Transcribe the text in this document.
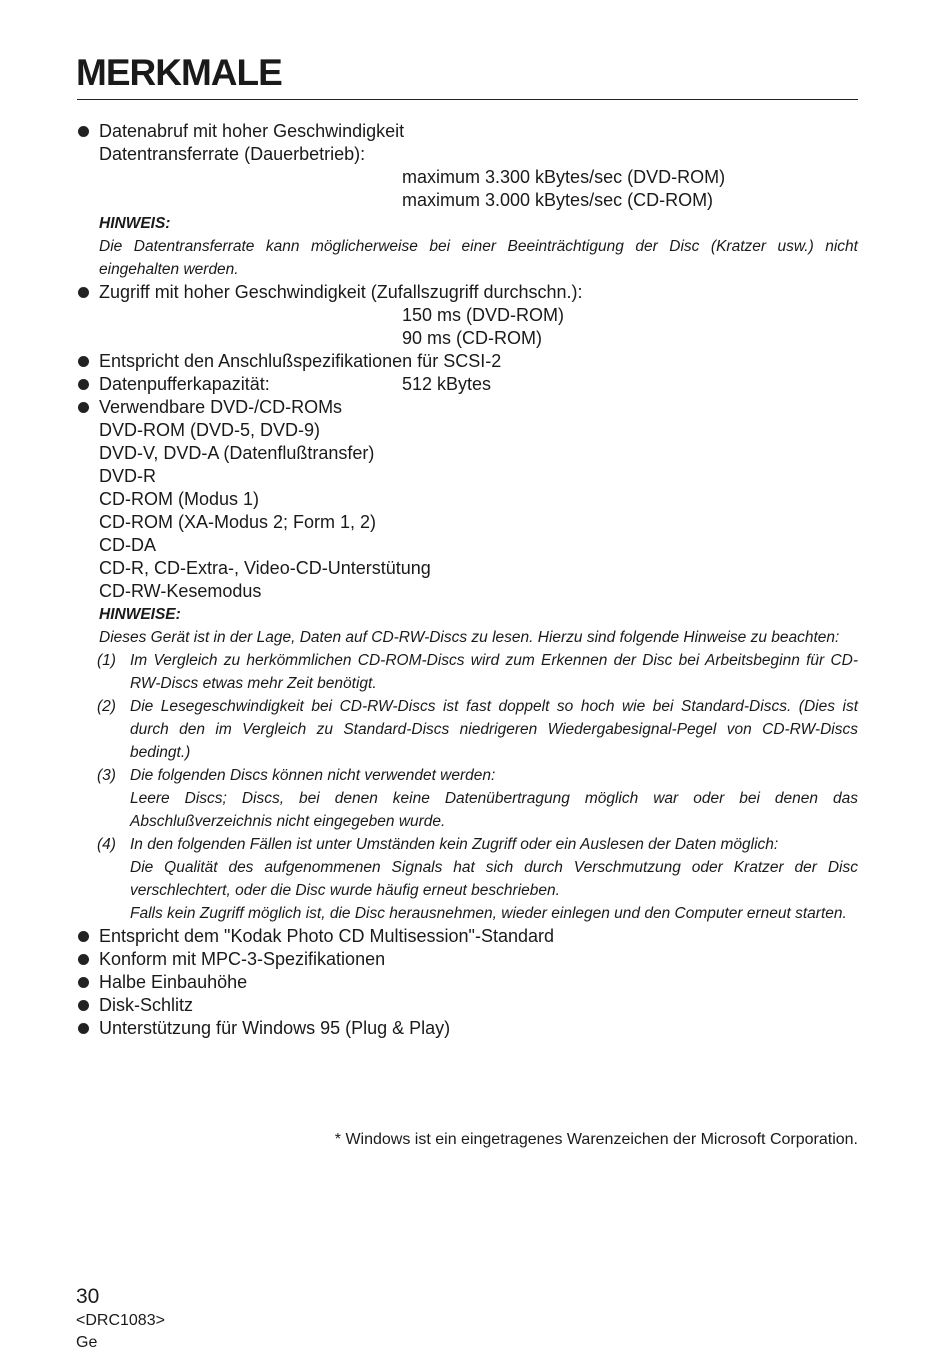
MERKMALE
Datenabruf mit hoher Geschwindigkeit
Datentransferrate (Dauerbetrieb):
maximum 3.300 kBytes/sec (DVD-ROM)
maximum 3.000 kBytes/sec (CD-ROM)
HINWEIS:
Die Datentransferrate kann möglicherweise bei einer Beeinträchtigung der Disc (Kratzer usw.) nicht eingehalten werden.
Zugriff mit hoher Geschwindigkeit (Zufallszugriff durchschn.):
150 ms (DVD-ROM)
90 ms (CD-ROM)
Entspricht den Anschlußspezifikationen für SCSI-2
Datenpufferkapazität:	512 kBytes
Verwendbare DVD-/CD-ROMs
DVD-ROM (DVD-5, DVD-9)
DVD-V, DVD-A (Datenflußtransfer)
DVD-R
CD-ROM (Modus 1)
CD-ROM (XA-Modus 2; Form 1, 2)
CD-DA
CD-R, CD-Extra-, Video-CD-Unterstütung
CD-RW-Kesemodus
HINWEISE:
Dieses Gerät ist in der Lage, Daten auf CD-RW-Discs zu lesen. Hierzu sind folgende Hinweise zu beachten:
(1) Im Vergleich zu herkömmlichen CD-ROM-Discs wird zum Erkennen der Disc bei Arbeitsbeginn für CD-RW-Discs etwas mehr Zeit benötigt.
(2) Die Lesegeschwindigkeit bei CD-RW-Discs ist fast doppelt so hoch wie bei Standard-Discs. (Dies ist durch den im Vergleich zu Standard-Discs niedrigeren Wiedergabesignal-Pegel von CD-RW-Discs bedingt.)
(3) Die folgenden Discs können nicht verwendet werden:
Leere Discs; Discs, bei denen keine Datenübertragung möglich war oder bei denen das Abschlußverzeichnis nicht eingegeben wurde.
(4) In den folgenden Fällen ist unter Umständen kein Zugriff oder ein Auslesen der Daten möglich:
Die Qualität des aufgenommenen Signals hat sich durch Verschmutzung oder Kratzer der Disc verschlechtert, oder die Disc wurde häufig erneut beschrieben.
Falls kein Zugriff möglich ist, die Disc herausnehmen, wieder einlegen und den Computer erneut starten.
Entspricht dem "Kodak Photo CD Multisession"-Standard
Konform mit MPC-3-Spezifikationen
Halbe Einbauhöhe
Disk-Schlitz
Unterstützung für Windows 95 (Plug & Play)
* Windows ist ein eingetragenes Warenzeichen der Microsoft Corporation.
30
<DRC1083>
Ge
